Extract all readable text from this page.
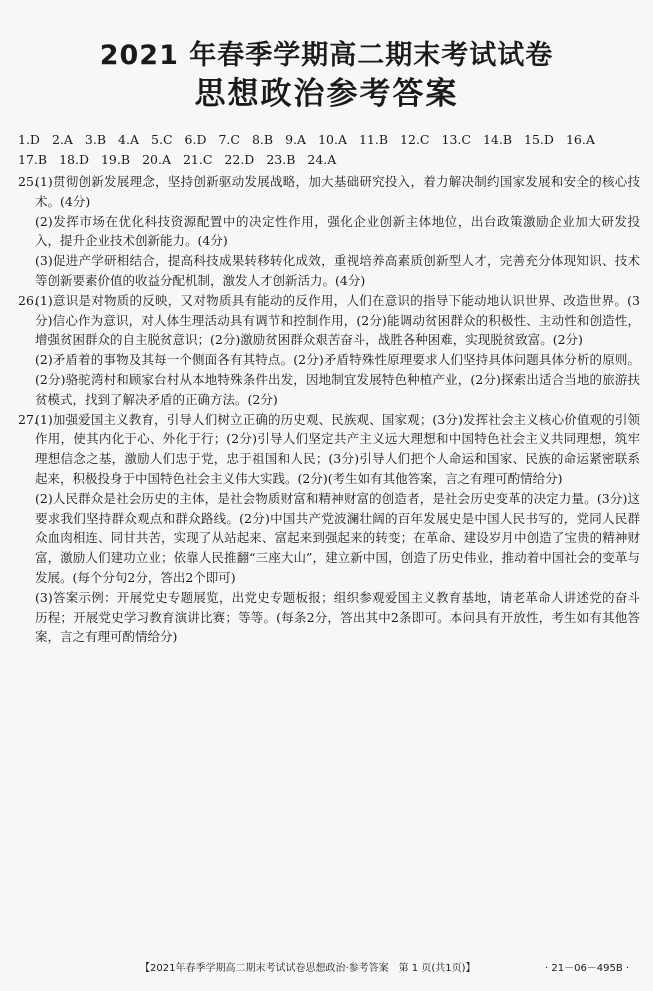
2021 年春季学期高二期末考试试卷
思想政治参考答案
1.D 2.A 3.B 4.A 5.C 6.D 7.C 8.B 9.A 10.A 11.B 12.C 13.C 14.B 15.D 16.A17.B 18.D 19.B 20.A 21.C 22.D 23.B 24.A
25.

(1)贯彻创新发展理念，坚持创新驱动发展战略，加大基础研究投入，着力解决制约国家发展和安全的核心技术。(4分)

(2)发挥市场在优化科技资源配置中的决定性作用，强化企业创新主体地位，出台政策激励企业加大研发投入，提升企业技术创新能力。(4分)

(3)促进产学研相结合，提高科技成果转移转化成效，重视培养高素质创新型人才，完善充分体现知识、技术等创新要素价值的收益分配机制，激发人才创新活力。(4分)

26.

(1)意识是对物质的反映，又对物质具有能动的反作用，人们在意识的指导下能动地认识世界、改造世界。(3分)信心作为意识，对人体生理活动具有调节和控制作用，(2分)能调动贫困群众的积极性、主动性和创造性，增强贫困群众的自主脱贫意识；(2分)激励贫困群众艰苦奋斗，战胜各种困难，实现脱贫致富。(2分)

(2)矛盾着的事物及其每一个侧面各有其特点。(2分)矛盾特殊性原理要求人们坚持具体问题具体分析的原则。(2分)骆驼湾村和顾家台村从本地特殊条件出发，因地制宜发展特色种植产业，(2分)探索出适合当地的旅游扶贫模式，找到了解决矛盾的正确方法。(2分)

27.

(1)加强爱国主义教育，引导人们树立正确的历史观、民族观、国家观；(3分)发挥社会主义核心价值观的引领作用，使其内化于心、外化于行；(2分)引导人们坚定共产主义远大理想和中国特色社会主义共同理想，筑牢理想信念之基，激励人们忠于党，忠于祖国和人民；(3分)引导人们把个人命运和国家、民族的命运紧密联系起来，积极投身于中国特色社会主义伟大实践。(2分)(考生如有其他答案，言之有理可酌情给分)

(2)人民群众是社会历史的主体，是社会物质财富和精神财富的创造者，是社会历史变革的决定力量。(3分)这要求我们坚持群众观点和群众路线。(2分)中国共产党波澜壮阔的百年发展史是中国人民书写的，党同人民群众血肉相连、同甘共苦，实现了从站起来、富起来到强起来的转变；在革命、建设岁月中创造了宝贵的精神财富，激励人们建功立业；依靠人民推翻“三座大山”，建立新中国，创造了历史伟业，推动着中国社会的变革与发展。(每个分句2分，答出2个即可)

(3)答案示例：开展党史专题展览，出党史专题板报；组织参观爱国主义教育基地，请老革命人讲述党的奋斗历程；开展党史学习教育演讲比赛；等等。(每条2分，答出其中2条即可。本问具有开放性，考生如有其他答案，言之有理可酌情给分)

【2021年春季学期高二期末考试试卷思想政治·参考答案　第 1 页(共1页)】	· 21－06－495B ·
